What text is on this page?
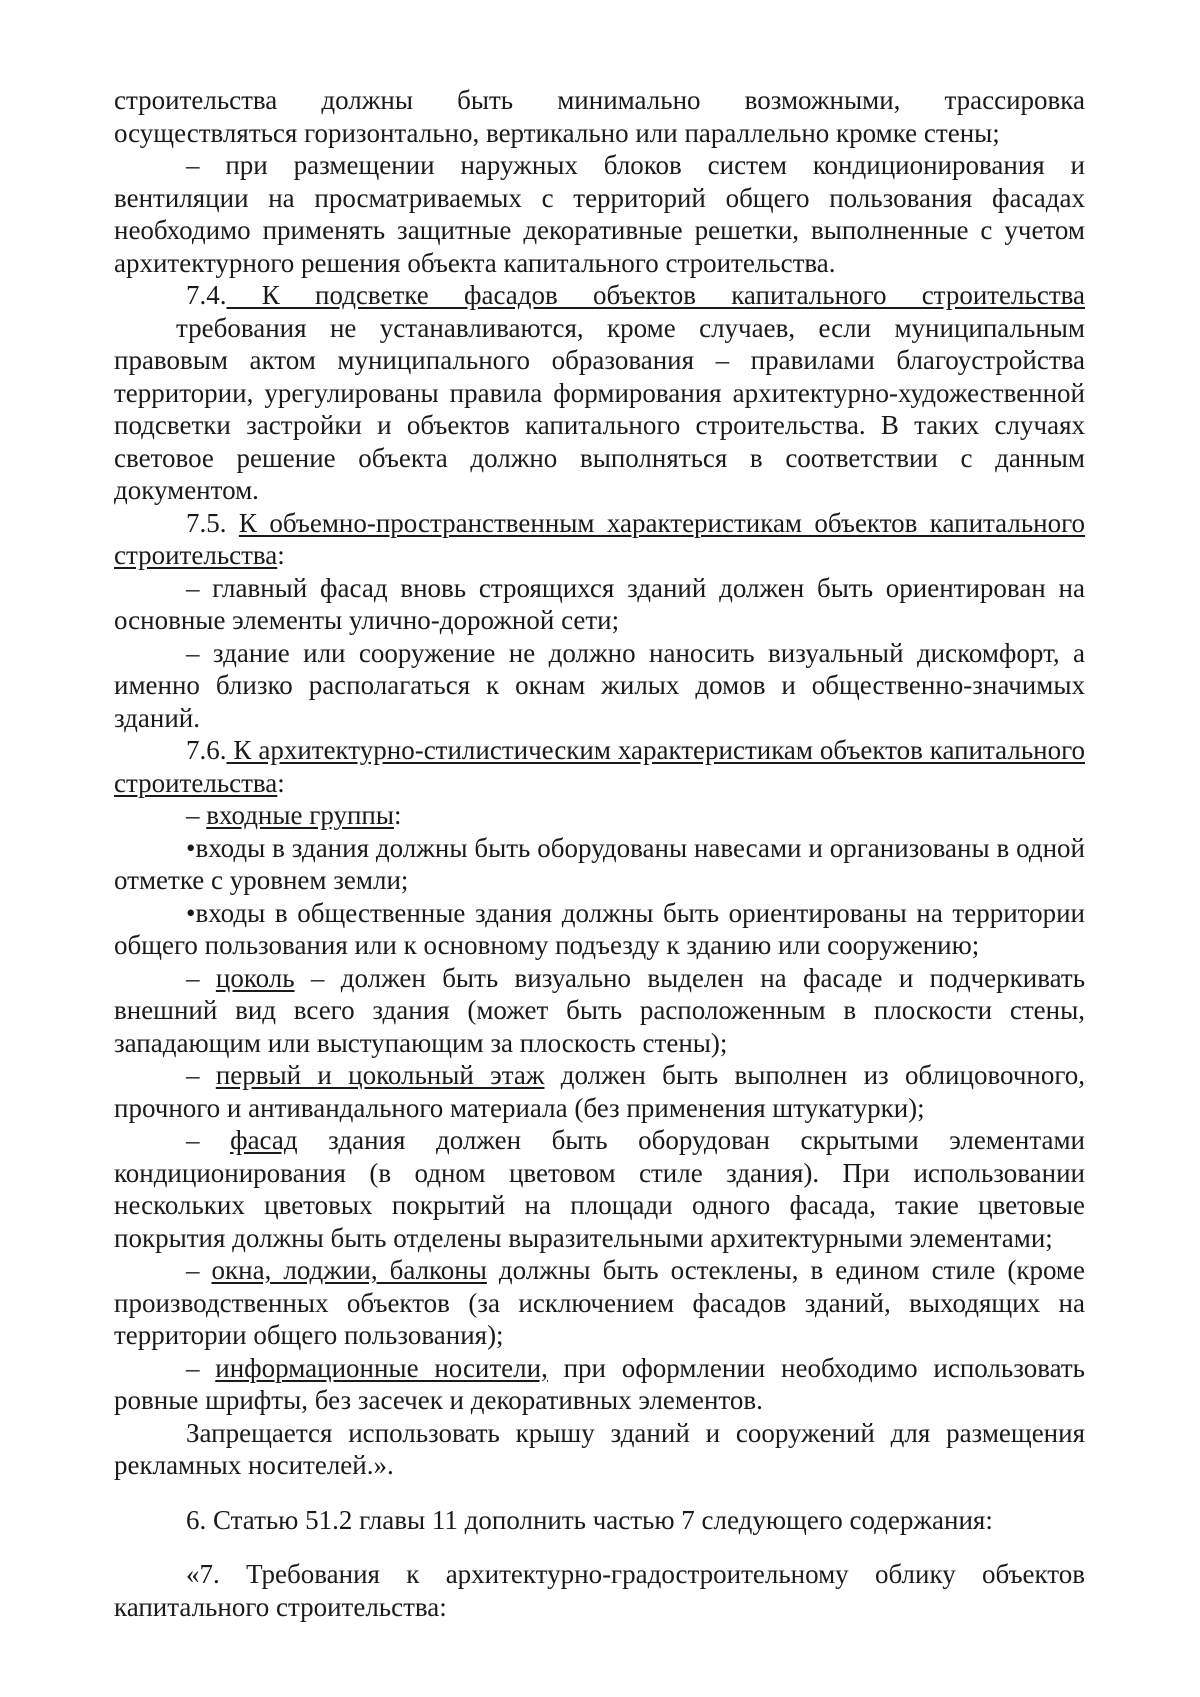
строительства должны быть минимально возможными, трассировка осуществляться горизонтально, вертикально или параллельно кромке стены;

– при размещении наружных блоков систем кондиционирования и вентиляции на просматриваемых с территорий общего пользования фасадах необходимо применять защитные декоративные решетки, выполненные с учетом архитектурного решения объекта капитального строительства.

7.4. К подсветке фасадов объектов капитального строительства

требования не устанавливаются, кроме случаев, если муниципальным правовым актом муниципального образования – правилами благоустройства территории, урегулированы правила формирования архитектурно-художественной подсветки застройки и объектов капитального строительства. В таких случаях световое решение объекта должно выполняться в соответствии с данным документом.

7.5. К объемно-пространственным характеристикам объектов капитального строительства:

– главный фасад вновь строящихся зданий должен быть ориентирован на основные элементы улично-дорожной сети;

– здание или сооружение не должно наносить визуальный дискомфорт, а именно близко располагаться к окнам жилых домов и общественно-значимых зданий.

7.6. К архитектурно-стилистическим характеристикам объектов капитального строительства:

– входные группы:

•входы в здания должны быть оборудованы навесами и организованы в одной отметке с уровнем земли;

•входы в общественные здания должны быть ориентированы на территории общего пользования или к основному подъезду к зданию или сооружению;

– цоколь – должен быть визуально выделен на фасаде и подчеркивать внешний вид всего здания (может быть расположенным в плоскости стены, западающим или выступающим за плоскость стены);

– первый и цокольный этаж должен быть выполнен из облицовочного, прочного и антивандального материала (без применения штукатурки);

– фасад здания должен быть оборудован скрытыми элементами кондиционирования (в одном цветовом стиле здания). При использовании нескольких цветовых покрытий на площади одного фасада, такие цветовые покрытия должны быть отделены выразительными архитектурными элементами;

– окна, лоджии, балконы должны быть остеклены, в едином стиле (кроме производственных объектов (за исключением фасадов зданий, выходящих на территории общего пользования);

– информационные носители, при оформлении необходимо использовать ровные шрифты, без засечек и декоративных элементов.

Запрещается использовать крышу зданий и сооружений для размещения рекламных носителей.».

6. Статью 51.2 главы 11 дополнить частью 7 следующего содержания:

«7. Требования к архитектурно-градостроительному облику объектов капитального строительства:
